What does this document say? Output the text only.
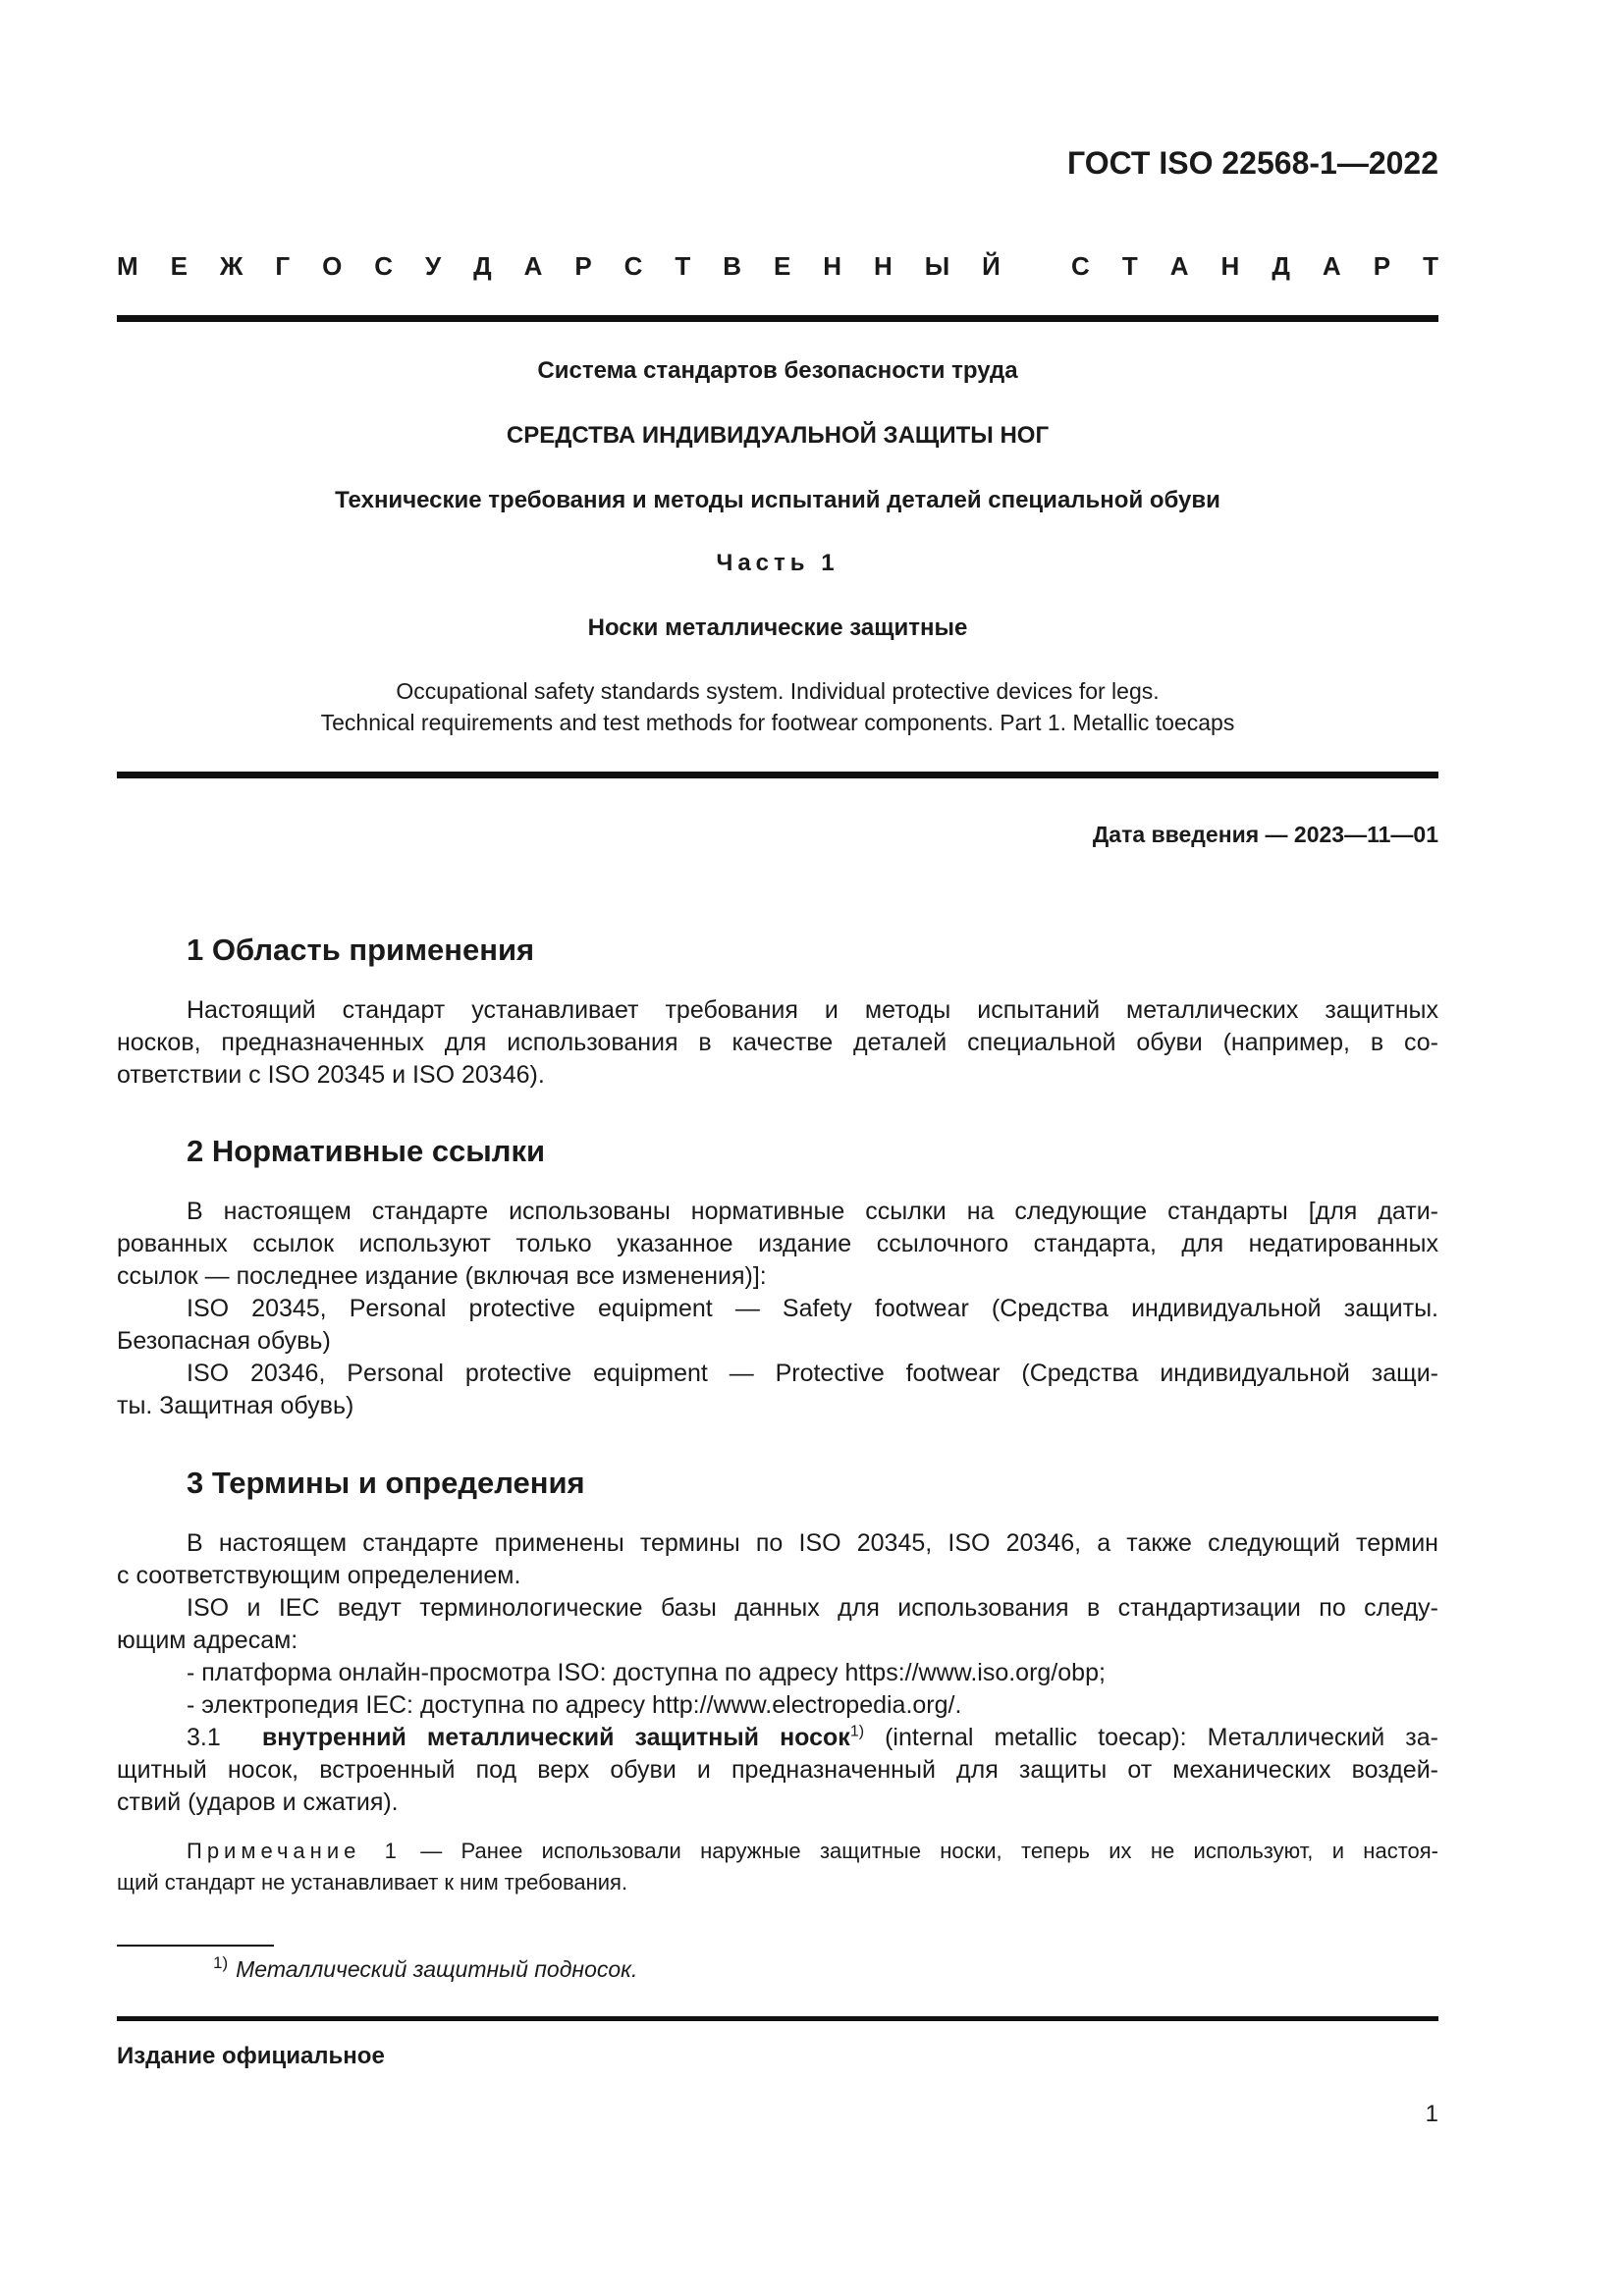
ГОСТ ISO 22568-1—2022
М Е Ж Г О С У Д А Р С Т В Е Н Н Ы Й	С Т А Н Д А Р Т
Система стандартов безопасности труда
СРЕДСТВА ИНДИВИДУАЛЬНОЙ ЗАЩИТЫ НОГ
Технические требования и методы испытаний деталей специальной обуви
Часть 1
Носки металлические защитные
Occupational safety standards system. Individual protective devices for legs.
Technical requirements and test methods for footwear components. Part 1. Metallic toecaps
Дата введения — 2023—11—01
1 Область применения
Настоящий стандарт устанавливает требования и методы испытаний металлических защитных
носков, предназначенных для использования в качестве деталей специальной обуви (например, в со-
ответствии с ISO 20345 и ISO 20346).
2 Нормативные ссылки
В настоящем стандарте использованы нормативные ссылки на следующие стандарты [для дати-
рованных ссылок используют только указанное издание ссылочного стандарта, для недатированных
ссылок — последнее издание (включая все изменения)]:
ISO 20345, Personal protective equipment — Safety footwear (Средства индивидуальной защиты.
Безопасная обувь)
ISO 20346, Personal protective equipment — Protective footwear (Средства индивидуальной защи-
ты. Защитная обувь)
3 Термины и определения
В настоящем стандарте применены термины по ISO 20345, ISO 20346, а также следующий термин
с соответствующим определением.
ISO и IEC ведут терминологические базы данных для использования в стандартизации по следу-
ющим адресам:
- платформа онлайн-просмотра ISO: доступна по адресу https://www.iso.org/obp;
- электропедия IEC: доступна по адресу http://www.electropedia.org/.
3.1 внутренний металлический защитный носок$^{1)}$ (internal metallic toecap): Металлический за-
щитный носок, встроенный под верх обуви и предназначенный для защиты от механических воздей-
ствий (ударов и сжатия).
Примечание 1 — Ранее использовали наружные защитные носки, теперь их не используют, и настоя-
щий стандарт не устанавливает к ним требования.
$^{1)}$ Металлический защитный подносок.
Издание официальное
1
